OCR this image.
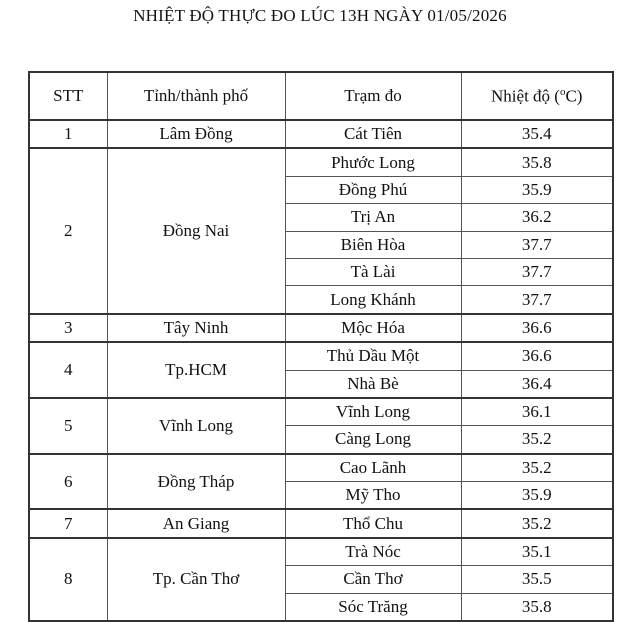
NHIỆT ĐỘ THỰC ĐO LÚC 13H NGÀY 01/05/2026
STT	Tỉnh/thành phố	Trạm đo	Nhiệt độ ($^o$C)
1	Lâm Đồng	Cát Tiên	35.4
2	Đồng Nai	Phước Long	35.8
		Đồng Phú	35.9
		Trị An	36.2
		Biên Hòa	37.7
		Tà Lài	37.7
		Long Khánh	37.7
3	Tây Ninh	Mộc Hóa	36.6
4	Tp.HCM	Thủ Dầu Một	36.6
		Nhà Bè	36.4
5	Vĩnh Long	Vĩnh Long	36.1
		Càng Long	35.2
6	Đồng Tháp	Cao Lãnh	35.2
		Mỹ Tho	35.9
7	An Giang	Thổ Chu	35.2
8	Tp. Cần Thơ	Trà Nóc	35.1
		Cần Thơ	35.5
		Sóc Trăng	35.8
